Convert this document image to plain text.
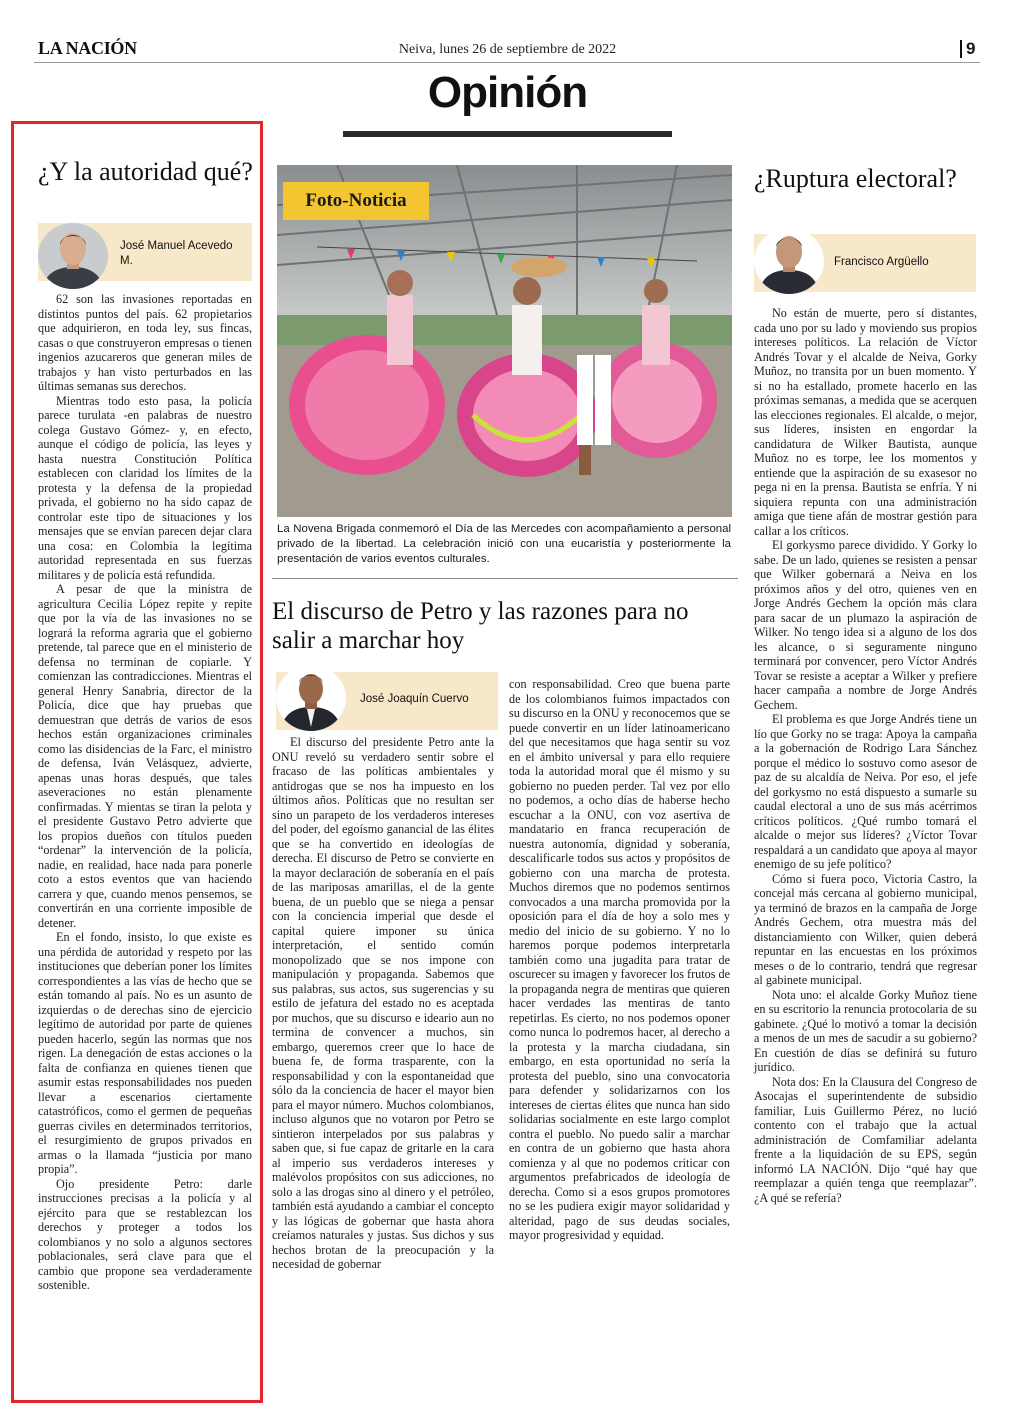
LA NACIÓN	Neiva, lunes 26 de septiembre de 2022	9
Opinión
¿Y la autoridad qué?
José Manuel Acevedo M.

62 son las invasiones reportadas en distintos puntos del país. 62 propietarios que adquirieron, en toda ley, sus fincas, casas o que construyeron empresas o tienen ingenios azucareros que generan miles de trabajos y han visto perturbados en las últimas semanas sus derechos.

Mientras todo esto pasa, la policía parece turulata -en palabras de nuestro colega Gustavo Gómez- y, en efecto, aunque el código de policía, las leyes y hasta nuestra Constitución Política establecen con claridad los límites de la protesta y la defensa de la propiedad privada, el gobierno no ha sido capaz de controlar este tipo de situaciones y los mensajes que se envían parecen dejar clara una cosa: en Colombia la legítima autoridad representada en sus fuerzas militares y de policía está refundida.

A pesar de que la ministra de agricultura Cecilia López repite y repite que por la vía de las invasiones no se logrará la reforma agraria que el gobierno pretende, tal parece que en el ministerio de defensa no terminan de copiarle. Y comienzan las contradicciones. Mientras el general Henry Sanabria, director de la Policía, dice que hay pruebas que demuestran que detrás de varios de esos hechos están organizaciones criminales como las disidencias de la Farc, el ministro de defensa, Iván Velásquez, advierte, apenas unas horas después, que tales aseveraciones no están plenamente confirmadas. Y mientas se tiran la pelota y el presidente Gustavo Petro advierte que los propios dueños con títulos pueden “ordenar” la intervención de la policía, nadie, en realidad, hace nada para ponerle coto a estos eventos que van haciendo carrera y que, cuando menos pensemos, se convertirán en una corriente imposible de detener.

En el fondo, insisto, lo que existe es una pérdida de autoridad y respeto por las instituciones que deberían poner los límites correspondientes a las vías de hecho que se están tomando al país. No es un asunto de izquierdas o de derechas sino de ejercicio legítimo de autoridad por parte de quienes pueden hacerlo, según las normas que nos rigen. La denegación de estas acciones o la falta de confianza en quienes tienen que asumir estas responsabilidades nos pueden llevar a escenarios ciertamente catastróficos, como el germen de pequeñas guerras civiles en determinados territorios, el resurgimiento de grupos privados en armas o la llamada “justicia por mano propia”.

Ojo presidente Petro: darle instrucciones precisas a la policía y al ejército para que se restablezcan los derechos y proteger a todos los colombianos y no solo a algunos sectores poblacionales, será clave para que el cambio que propone sea verdaderamente sostenible.

Foto-Noticia
La Novena Brigada conmemoró el Día de las Mercedes con acompañamiento a personal privado de la libertad. La celebración inició con una eucaristía y posteriormente la presentación de varios eventos culturales.
El discurso de Petro y las razones para no salir a marchar hoy
José Joaquín Cuervo

El discurso del presidente Petro ante la ONU reveló su verdadero sentir sobre el fracaso de las políticas ambientales y antidrogas que se nos ha impuesto en los últimos años. Políticas que no resultan ser sino un parapeto de los verdaderos intereses del poder, del egoísmo ganancial de las élites que se ha convertido en ideologías de derecha. El discurso de Petro se convierte en la mayor declaración de soberanía en el país de las mariposas amarillas, el de la gente buena, de un pueblo que se niega a pensar con la conciencia imperial que desde el capital quiere imponer su única interpretación, el sentido común monopolizado que se nos impone con manipulación y propaganda. Sabemos que sus palabras, sus actos, sus sugerencias y su estilo de jefatura del estado no es aceptada por muchos, que su discurso e ideario aun no termina de convencer a muchos, sin embargo, queremos creer que lo hace de buena fe, de forma trasparente, con la responsabilidad y con la espontaneidad que sólo da la conciencia de hacer el mayor bien para el mayor número. Muchos colombianos, incluso algunos que no votaron por Petro se sintieron interpelados por sus palabras y saben que, si fue capaz de gritarle en la cara al imperio sus verdaderos intereses y malévolos propósitos con sus adicciones, no solo a las drogas sino al dinero y el petróleo, también está ayudando a cambiar el concepto y las lógicas de gobernar que hasta ahora creíamos naturales y justas. Sus dichos y sus hechos brotan de la preocupación y la necesidad de gobernar

con responsabilidad. Creo que buena parte de los colombianos fuimos impactados con su discurso en la ONU y reconocemos que se puede convertir en un líder latinoamericano del que necesitamos que haga sentir su voz en el ámbito universal y para ello requiere toda la autoridad moral que él mismo y su gobierno no pueden perder. Tal vez por ello no podemos, a ocho días de haberse hecho escuchar a la ONU, con voz asertiva de mandatario en franca recuperación de nuestra autonomía, dignidad y soberanía, descalificarle todos sus actos y propósitos de gobierno con una marcha de protesta. Muchos diremos que no podemos sentirnos convocados a una marcha promovida por la oposición para el día de hoy a solo mes y medio del inicio de su gobierno. Y no lo haremos porque podemos interpretarla también como una jugadita para tratar de oscurecer su imagen y favorecer los frutos de la propaganda negra de mentiras que quieren hacer verdades las mentiras de tanto repetirlas. Es cierto, no nos podemos oponer como nunca lo podremos hacer, al derecho a la protesta y la marcha ciudadana, sin embargo, en esta oportunidad no sería la protesta del pueblo, sino una convocatoria para defender y solidarizarnos con los intereses de ciertas élites que nunca han sido solidarias socialmente en este largo complot contra el pueblo. No puedo salir a marchar en contra de un gobierno que hasta ahora comienza y al que no podemos criticar con argumentos prefabricados de ideología de derecha. Como si a esos grupos promotores no se les pudiera exigir mayor solidaridad y alteridad, pago de sus deudas sociales, mayor progresividad y equidad.

¿Ruptura electoral?
Francisco Argüello

No están de muerte, pero sí distantes, cada uno por su lado y moviendo sus propios intereses políticos. La relación de Víctor Andrés Tovar y el alcalde de Neiva, Gorky Muñoz, no transita por un buen momento. Y si no ha estallado, promete hacerlo en las próximas semanas, a medida que se acerquen las elecciones regionales. El alcalde, o mejor, sus líderes, insisten en engordar la candidatura de Wilker Bautista, aunque Muñoz no es torpe, lee los momentos y entiende que la aspiración de su exasesor no pega ni en la prensa. Bautista se enfría. Y ni siquiera repunta con una administración amiga que tiene afán de mostrar gestión para callar a los críticos.

El gorkysmo parece dividido. Y Gorky lo sabe. De un lado, quienes se resisten a pensar que Wilker gobernará a Neiva en los próximos años y del otro, quienes ven en Jorge Andrés Gechem la opción más clara para sacar de un plumazo la aspiración de Wilker. No tengo idea si a alguno de los dos les alcance, o si seguramente ninguno terminará por convencer, pero Víctor Andrés Tovar se resiste a aceptar a Wilker y prefiere hacer campaña a nombre de Jorge Andrés Gechem.

El problema es que Jorge Andrés tiene un lío que Gorky no se traga: Apoya la campaña a la gobernación de Rodrigo Lara Sánchez porque el médico lo sostuvo como asesor de paz de su alcaldía de Neiva. Por eso, el jefe del gorkysmo no está dispuesto a sumarle su caudal electoral a uno de sus más acérrimos críticos políticos. ¿Qué rumbo tomará el alcalde o mejor sus líderes? ¿Víctor Tovar respaldará a un candidato que apoya al mayor enemigo de su jefe político?

Cómo si fuera poco, Victoria Castro, la concejal más cercana al gobierno municipal, ya terminó de brazos en la campaña de Jorge Andrés Gechem, otra muestra más del distanciamiento con Wilker, quien deberá repuntar en las encuestas en los próximos meses o de lo contrario, tendrá que regresar al gabinete municipal.

Nota uno: el alcalde Gorky Muñoz tiene en su escritorio la renuncia protocolaria de su gabinete. ¿Qué lo motivó a tomar la decisión a menos de un mes de sacudir a su gobierno? En cuestión de días se definirá su futuro jurídico.

Nota dos: En la Clausura del Congreso de Asocajas el superintendente de subsidio familiar, Luis Guillermo Pérez, no lució contento con el trabajo que la actual administración de Comfamiliar adelanta frente a la liquidación de su EPS, según informó LA NACIÓN. Dijo “qué hay que reemplazar a quién tenga que reemplazar”. ¿A qué se refería?
